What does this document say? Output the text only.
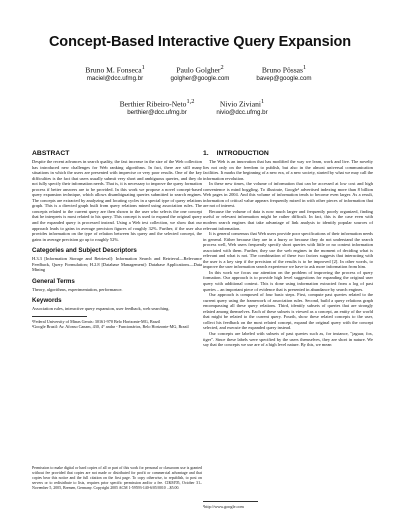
Concept-Based Interactive Query Expansion
Bruno M. Fonseca$^1$
maciel@dcc.ufmg.br
Paulo Golgher$^2$
golgher@google.com
Bruno Pôssas$^1$
bavep@google.com
Berthier Ribeiro-Neto$^{1,2}$
berthier@dcc.ufmg.br
Nivio Ziviani$^1$
nivio@dcc.ufmg.br
ABSTRACT

Despite the recent advances in search quality, the fast increase in the size of the Web collection has introduced new challenges for Web ranking algorithms. In fact, there are still many situations in which the users are presented with imprecise or very poor results. One of the key difficulties is the fact that users usually submit very short and ambiguous queries, and they do not fully specify their information needs. That is, it is necessary to improve the query formation process if better answers are to be provided. In this work we propose a novel concept-based query expansion technique, which allows disambiguating queries submitted to search engines. The concepts are extracted by analyzing and locating cycles in a special type of query relations graph. This is a directed graph built from query relations mined using association rules. The concepts related to the current query are then shown to the user who selects the one concept that he interprets is most related to his query. This concept is used to expand the original query and the expanded query is processed instead. Using a Web test collection, we show that our approach leads to gains in average precision figures of roughly 32%. Further, if the user also provides information on the type of relation between his query and the selected concept, the gains in average precision go up to roughly 52%.

Categories and Subject Descriptors

H.3.3 [Information Storage and Retrieval]: Information Search and Retrieval—Relevance Feedback, Query Formulation; H.2.8 [Database Management]: Database Applications—Data Mining

General Terms

Theory, algorithms, experimentation, performance.

Keywords

Association rules, interactive query expansion, user feedback, web searching.

¹Federal University of Minas Gerais: 30161-970 Belo Horizonte-MG, Brazil

²Google Brazil: Av. Afonso Canam, 430, 4° andar - Funcionários, Belo Horizonte-MG, Brazil

Permission to make digital or hard copies of all or part of this work for personal or classroom use is granted without fee provided that copies are not made or distributed for profit or commercial advantage and that copies bear this notice and the full citation on the first page. To copy otherwise, to republish, to post on servers or to redistribute to lists, requires prior specific permission and/or a fee. CIKM'05, October 31–November 5, 2005, Bremen, Germany. Copyright 2005 ACM 1-59593-140-6/05/0010 ...$5.00.
1. INTRODUCTION

The Web is an innovation that has modified the way we learn, work and live. The novelty lies not only on the freedom to publish, but also in the almost universal communication facilities. It marks the beginning of a new era, of a new society, started by what we may call the information revolution.

In these new times, the volume of information that can be accessed at low cost and high convenience is mind boggling. To illustrate, Google¹ advertised indexing more than 8 billion Web pages in 2004. And this volume of information tends to become even larger. As a result, information of critical value appears frequently mixed in with other pieces of information that are not of interest.

Because the volume of data is now much larger and frequently poorly organized, finding useful or relevant information might be rather difficult. In fact, this is the case even with modern search engines that take advantage of link analysis to identify popular sources of relevant information.

It is general consensus that Web users provide poor specifications of their information needs in general. Either because they are in a hurry or because they do not understand the search process well, Web users frequently specify short queries with little or no context information associated with them. Further, they use the web engines in the moment of deciding what is relevant and what is not. The combination of these two factors suggests that interacting with the user is a key step if the precision of the results is to be improved [2]. In other words, to improve the user information search experience we have to ask more information from him.

In this work we focus our attention on the problem of improving the process of query formation. Our approach is to provide high level suggestions for expanding the original user query with additional context. This is done using information extracted from a log of past queries – an important piece of evidence that is presented in abundance by search engines.

Our approach is composed of four basic steps. First, compute past queries related to the current query using the framework of association rules. Second, build a query relations graph encompassing all these query relations. Third, identify subsets of queries that are strongly related among themselves. Each of these subsets is viewed as a concept, an entity of the world that might be related to the current query. Fourth, show these related concepts to the user, collect his feedback on the most related concept, expand the original query with the concept selected, and execute the expanded query instead.

Our concepts are labeled with subsets of past queries such as, for instance, "jaguar, fox, tiger". Since these labels were specified by the users themselves, they are short in nature. We say that the concepts we use are of a high level nature. By this, we mean

¹http://www.google.com
